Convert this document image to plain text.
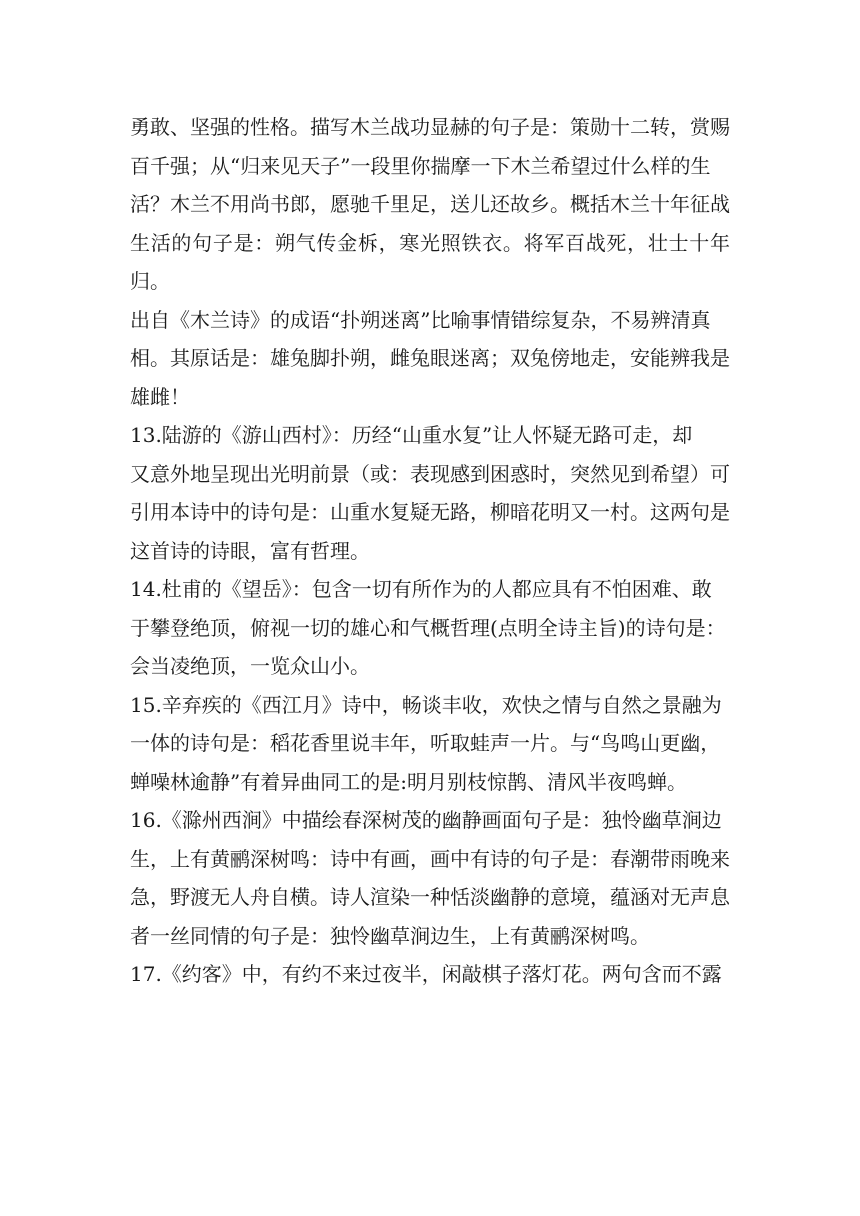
勇敢、坚强的性格。描写木兰战功显赫的句子是：策勋十二转，赏赐
百千强；从“归来见天子”一段里你揣摩一下木兰希望过什么样的生
活？木兰不用尚书郎，愿驰千里足，送儿还故乡。概括木兰十年征战
生活的句子是：朔气传金柝，寒光照铁衣。将军百战死，壮士十年归。
出自《木兰诗》的成语“扑朔迷离”比喻事情错综复杂，不易辨清真
相。其原话是：雄兔脚扑朔，雌兔眼迷离；双兔傍地走，安能辨我是
雄雌！

13.陆游的《游山西村》：历经“山重水复”让人怀疑无路可走，却
又意外地呈现出光明前景（或：表现感到困惑时，突然见到希望）可
引用本诗中的诗句是：山重水复疑无路，柳暗花明又一村。这两句是
这首诗的诗眼，富有哲理。

14.杜甫的《望岳》：包含一切有所作为的人都应具有不怕困难、敢
于攀登绝顶，俯视一切的雄心和气概哲理(点明全诗主旨)的诗句是：
会当凌绝顶，一览众山小。

15.辛弃疾的《西江月》诗中，畅谈丰收，欢快之情与自然之景融为
一体的诗句是：稻花香里说丰年，听取蛙声一片。与“鸟鸣山更幽，
蝉噪林逾静”有着异曲同工的是:明月别枝惊鹊、清风半夜鸣蝉。

16.《滁州西涧》中描绘春深树茂的幽静画面句子是：独怜幽草涧边
生，上有黄鹂深树鸣：诗中有画，画中有诗的句子是：春潮带雨晚来
急，野渡无人舟自横。诗人渲染一种恬淡幽静的意境，蕴涵对无声息
者一丝同情的句子是：独怜幽草涧边生，上有黄鹂深树鸣。

17.《约客》中，有约不来过夜半，闲敲棋子落灯花。两句含而不露
